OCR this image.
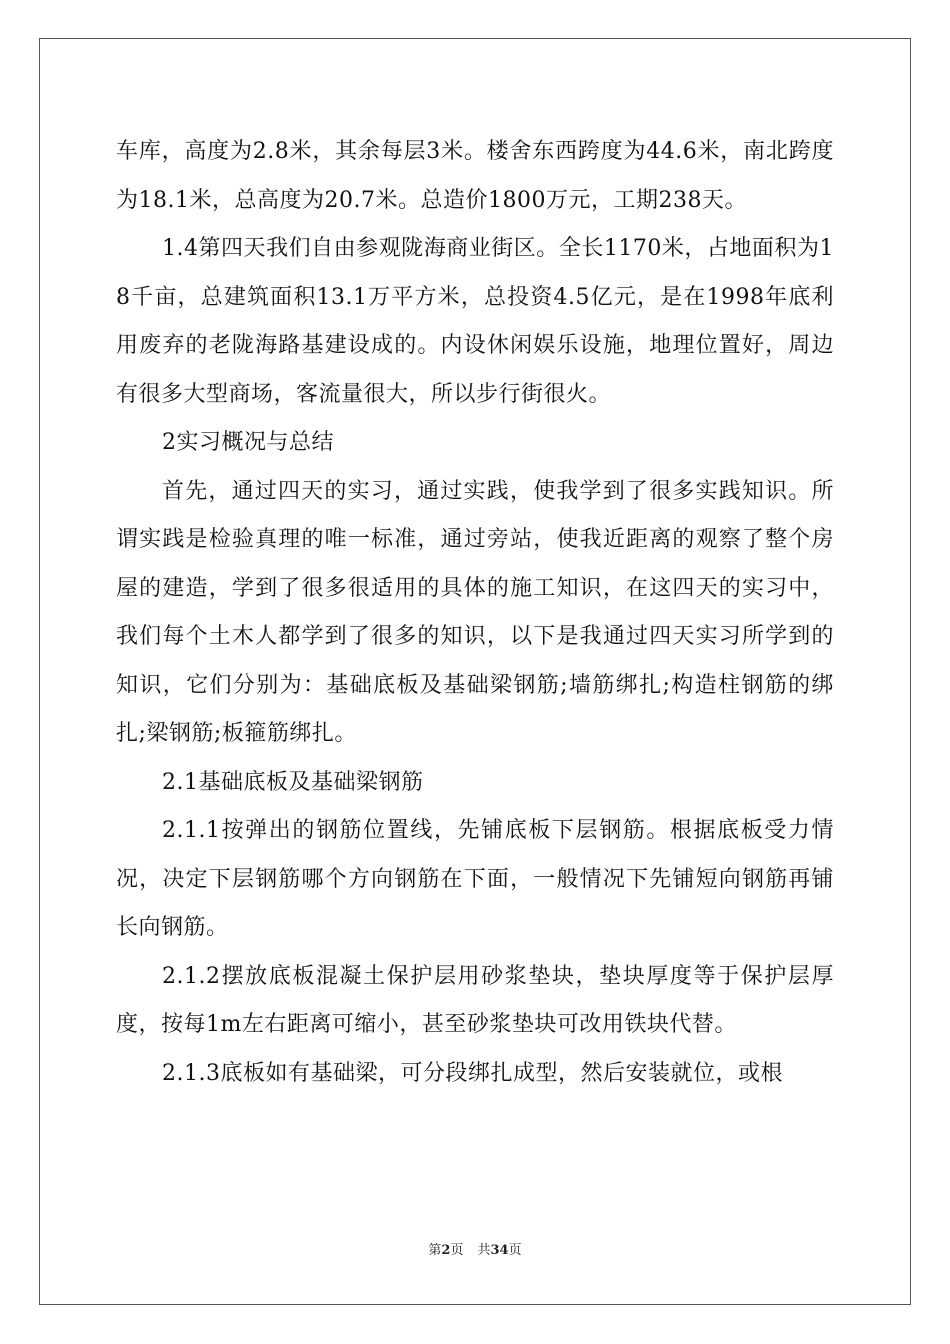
车库，高度为2.8米，其余每层3米。楼舍东西跨度为44.6米，南北跨度为18.1米，总高度为20.7米。总造价1800万元，工期238天。

1.4第四天我们自由参观陇海商业街区。全长1170米，占地面积为18千亩，总建筑面积13.1万平方米，总投资4.5亿元，是在1998年底利用废弃的老陇海路基建设成的。内设休闲娱乐设施，地理位置好，周边有很多大型商场，客流量很大，所以步行街很火。

2实习概况与总结

首先，通过四天的实习，通过实践，使我学到了很多实践知识。所谓实践是检验真理的唯一标准，通过旁站，使我近距离的观察了整个房屋的建造，学到了很多很适用的具体的施工知识，在这四天的实习中，我们每个土木人都学到了很多的知识，以下是我通过四天实习所学到的知识，它们分别为：基础底板及基础梁钢筋;墙筋绑扎;构造柱钢筋的绑扎;梁钢筋;板箍筋绑扎。

2.1基础底板及基础梁钢筋

2.1.1按弹出的钢筋位置线，先铺底板下层钢筋。根据底板受力情况，决定下层钢筋哪个方向钢筋在下面，一般情况下先铺短向钢筋再铺长向钢筋。

2.1.2摆放底板混凝土保护层用砂浆垫块，垫块厚度等于保护层厚度，按每1m左右距离可缩小，甚至砂浆垫块可改用铁块代替。

2.1.3底板如有基础梁，可分段绑扎成型，然后安装就位，或根

第2页 共34页
